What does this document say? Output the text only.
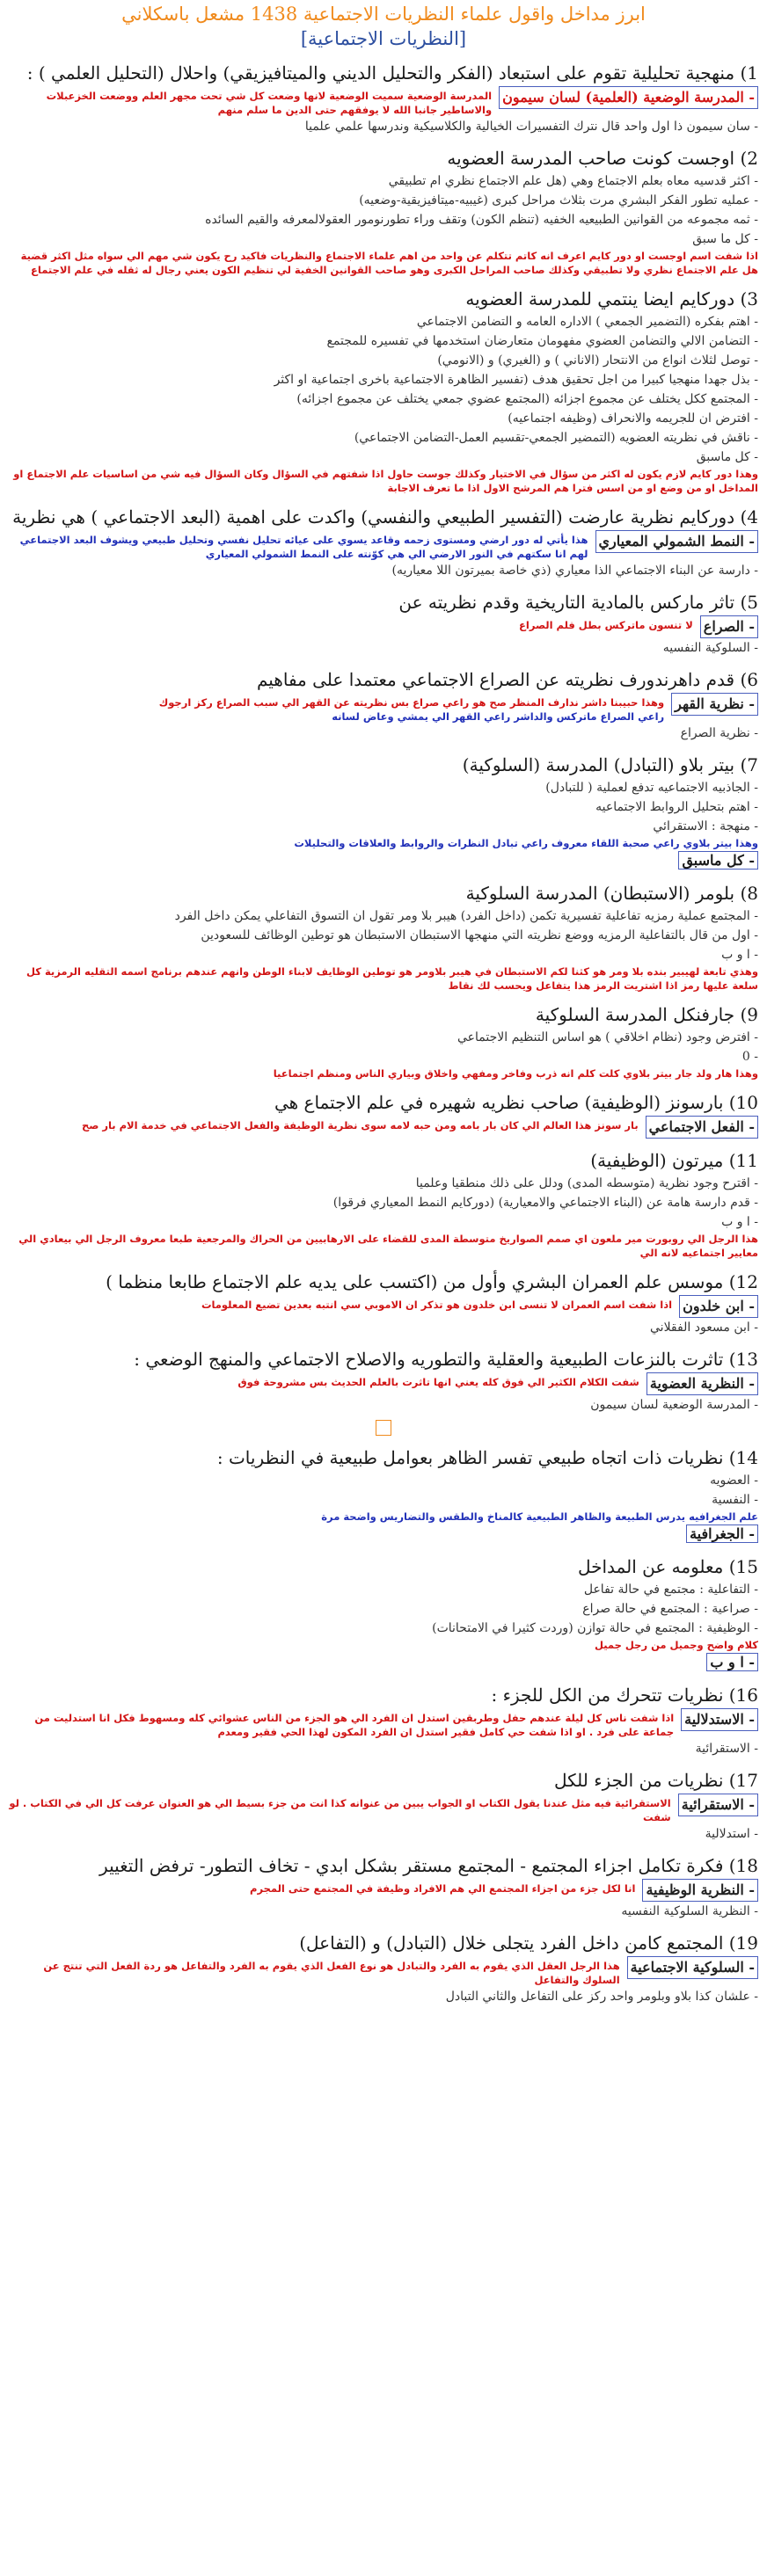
ابرز مداخل واقول علماء النظريات الاجتماعية 1438 مشعل باسكلاني
[النظريات الاجتماعية]
1) منهجية تحليلية تقوم على استبعاد (الفكر والتحليل الديني والميتافيزيقي) واحلال (التحليل العلمي ) :
- المدرسة الوضعية (العلمية) لسان سيمون
المدرسة الوضعية سميت الوضعية لانها وضعت كل شي تحت مجهر العلم ووضعت الخزعبلات والاساطير جانبا الله لا يوفقهم حتى الدين ما سلم منهم
- سان سيمون ذا اول واحد قال نترك التفسيرات الخيالية والكلاسيكية وندرسها علمي علميا
2) اوجست كونت صاحب المدرسة العضويه
- اكثر قدسيه معاه بعلم الاجتماع وهي (هل علم الاجتماع نظري ام تطبيقي
- عمليه تطور الفكر البشري مرت بثلاث مراحل كبرى (غيبيه-ميتافيزيقية-وضعيه)
- ثمه مجموعه من القوانين الطبيعيه الخفيه (تنظم الكون) وتقف وراء تطورنومور العقولالمعرفه والقيم السائده
- كل ما سبق
اذا شفت اسم اوجست او دور كايم اعرف انه كاتم تتكلم عن واحد من اهم علماء الاجتماع والنظريات فاكيد رح يكون شي مهم الي سواه مثل اكثر قضية هل علم الاجتماع نظري ولا تطبيقي وكذلك صاحب المراحل الكبرى وهو صاحب القوانين الخفية لي تنظيم الكون يعني رجال له ثقله في علم الاجتماع
3) دوركايم ايضا ينتمي للمدرسة العضويه
- اهتم بفكره (التضمير الجمعي ) الاداره العامه و التضامن الاجتماعي
- التضامن الالي والتضامن العضوي مفهومان متعارضان استخدمها في تفسيره للمجتمع
- توصل لثلاث انواع من الانتحار (الاناني ) و (الغيري) و (الانومي)
- بذل جهدا منهجيا كبيرا من اجل تحقيق هدف (تفسير الظاهرة الاجتماعية باخرى اجتماعية او اكثر
- المجتمع ككل يختلف عن مجموع اجزائه (المجتمع عضوي جمعي يختلف عن مجموع اجزائه)
- افترض ان للجريمه والانحراف (وظيفه اجتماعيه)
- ناقش في نظريته العضويه (التمضير الجمعي-تقسيم العمل-التضامن الاجتماعي)
- كل ماسبق
وهذا دور كايم لازم يكون له اكثر من سؤال في الاختيار وكذلك جوست حاول اذا شفتهم في السؤال وكان السؤال فيه شي من اساسيات علم الاجتماع او المداخل او من وضع او من اسس فترا هم المرشح الاول اذا ما تعرف الاجابة
4) دوركايم نظرية عارضت (التفسير الطبيعي والنفسي) واكدت على اهمية (البعد الاجتماعي ) هي نظرية
- النمط الشمولي المعياري
هذا يأتي له دور ارضي ومستوى زحمه وقاعد يسوي على عيائه تحليل نفسي وتحليل طبيعي ويشوف البعد الاجتماعي لهم انا سكتهم في النور الارضي الي هي كوّنته على النمط الشمولي المعياري
- دارسة عن البناء الاجتماعي الذا معياري (ذي خاصة بميرتون اللا معياريه)
5) تاثر ماركس بالمادية التاريخية وقدم نظريته عن
- الصراع
لا تنسون ماتركس بطل فلم الصراع
- السلوكية النفسيه
6) قدم داهرندورف نظريته عن الصراع الاجتماعي معتمدا على مفاهيم
- نظرية القهر
وهذا حبيبنا داشر ندارف المنظر صح هو راعي صراع بس نظريته عن القهر الي سبب الصراع ركز ارجوك
راعي الصراع ماتركس والداشر راعي القهر الي يمشي وعاض لسانه
- نظرية الصراع
7) بيتر بلاو (التبادل) المدرسة (السلوكية)
- الجاذبيه الاجتماعيه تدفع لعملية ( للتبادل)
- اهتم بتحليل الروابط الاجتماعيه
- منهجة : الاستقرائي
وهذا بيتر بلاوي راعي صحبة اللقاء معروف راعي تبادل النظرات والروابط والعلاقات والتحليلات
- كل ماسبق
8) بلومر (الاستبطان) المدرسة السلوكية
- المجتمع عملية رمزيه تفاعلية تفسيرية تكمن (داخل الفرد) هيبر بلا ومر تقول ان التسوق التفاعلي يمكن داخل الفرد
- اول من قال بالتفاعلية الرمزيه ووضع نظريته التي منهجها الاستبطان الاستبطان هو توطين الوظائف للسعودين
- ا و ب
وهذي تابعة لهيبير بنده بلا ومر هو كثنا لكم الاستبطان في هيبر بلاومر هو توطين الوظايف لابناء الوطن وانهم عندهم برنامج اسمه التقليه الرمزية كل سلعة عليها رمز اذا اشتريت الرمز هذا يتفاعل ويحسب لك نقاط
9) جارفنكل المدرسة السلوكية
- افترض وجود (نظام اخلاقي ) هو اساس التنظيم الاجتماعي
- 0
وهذا هار ولد جار بيتر بلاوي كلت كلم انه ذرب وفاخر ومفهي واخلاق وبياري الناس ومنظم اجتماعيا
10) بارسونز (الوظيفية) صاحب نظريه شهيره في علم الاجتماع هي
- الفعل الاجتماعي
بار سونز هذا العالم الي كان بار بامه ومن حبه لامه سوى نظرية الوظيفة والفعل الاجتماعي في خدمة الام بار صح
11) ميرتون (الوظيفية)
- اقترح وجود نظرية (متوسطه المدى) ودلل على ذلك منطقيا وعلميا
- قدم دارسة هامة عن (البناء الاجتماعي والامعيارية) (دوركايم النمط المعياري فرقوا)
- ا و ب
هذا الرجل الي روبورت مير ملعون اي صمم الصواريخ متوسطة المدى للقضاء على الارهابيين من الحراك والمرجعية طبعا معروف الرجل الي بيعادي الي معايير اجتماعيه لانه الي
12) موسس علم العمران البشري وأول من (اكتسب على يديه علم الاجتماع طابعا منظما )
- ابن خلدون
اذا شفت اسم العمران لا تنسى ابن خلدون هو تذكر ان الاموبي سي انتبه بعدين تضيع المعلومات
- ابن مسعود الفقلاني
13) تاثرت بالنزعات الطبيعية والعقلية والتطوريه والاصلاح الاجتماعي والمنهج الوضعي :
- النظرية العضوية
شفت الكلام الكثير الي فوق كله يعني انها تاثرت بالعلم الحديث بس مشروحة فوق
- المدرسة الوضعية لسان سيمون
14) نظريات ذات اتجاه طبيعي تفسر الظاهر بعوامل طبيعية في النظريات :
- العضويه
- النفسية
علم الجغرافيه يدرس الطبيعة والظاهر الطبيعية كالمناخ والطقس والتضاريس واضحة مرة
- الجغرافية
15) معلومه عن المداخل
- التفاعلية : مجتمع في حالة تفاعل
- صراعية : المجتمع في حالة صراع
- الوظيفية : المجتمع في حالة توازن (وردت كثيرا في الامتحانات)
كلام واضح وجميل من رجل جميل
- ا و ب
16) نظريات تتحرك من الكل للجزء :
- الاستدلالية
اذا شفت ناس كل ليلة عندهم حفل وطربقين استدل ان الفرد الي هو الجزء من الناس عشوائي كله ومسهوط فكل انا استدليت من جماعة على فرد . او اذا شفت حي كامل فقير استدل ان الفرد المكون لهذا الحي فقير ومعدم
- الاستقرائية
17) نظريات من الجزء للكل
- الاستقرائية
الاستقرائية فيه مثل عندنا يقول الكتاب او الجواب يبين من عنوانه كذا انت من جزء بسيط الي هو العنوان عرفت كل الي في الكتاب . لو شفت
- استدلالية
18) فكرة تكامل اجزاء المجتمع - المجتمع مستقر بشكل ابدي - تخاف التطور- ترفض التغيير
- النظرية الوظيفية
انا لكل جزء من اجزاء المجتمع الي هم الافراد وظيفة في المجتمع حتى المجرم
- النظرية السلوكية النفسيه
19) المجتمع كامن داخل الفرد يتجلى خلال (التبادل) و (التفاعل)
- السلوكية الاجتماعية
هذا الرجل العقل الذي يقوم به الفرد والتبادل هو نوع الفعل الذي يقوم به الفرد والتفاعل هو ردة الفعل التي تنتج عن السلوك والتفاعل
- علشان كذا بلاو وبلومر واحد ركز على التفاعل والثاني التبادل
